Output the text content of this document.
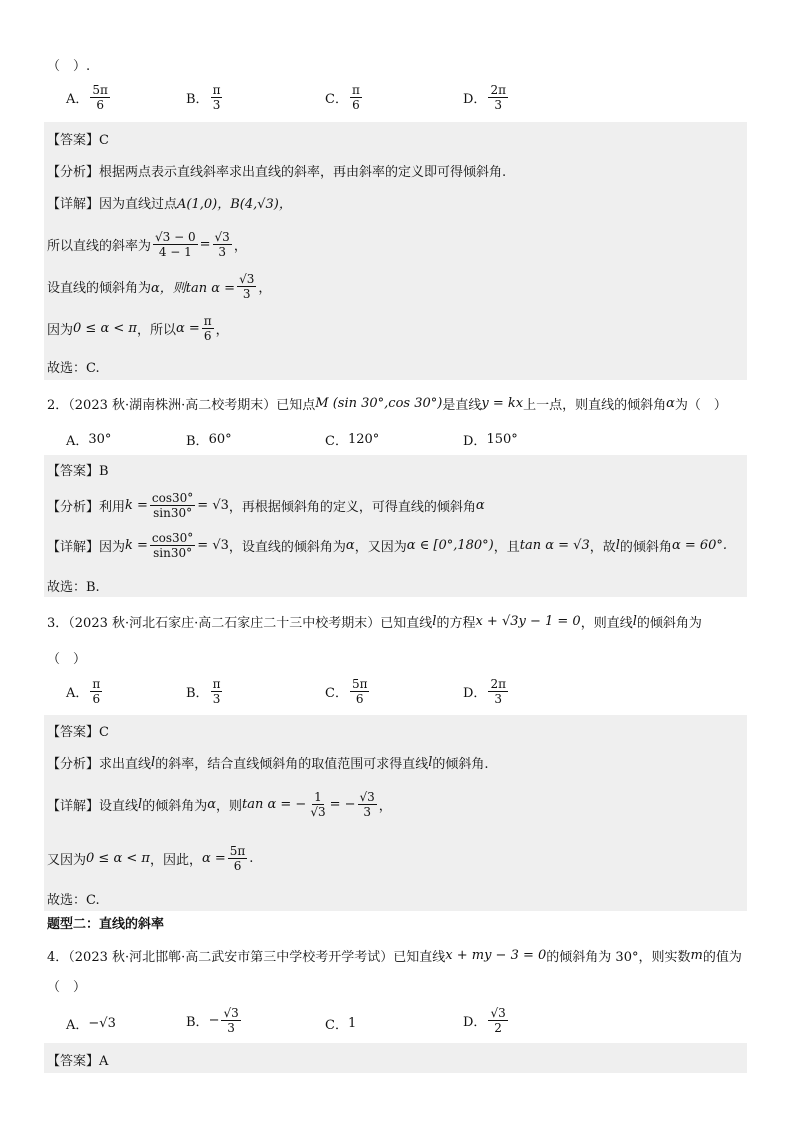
（　）.
A． $\frac{5\pi}{6}$	B． $\frac{\pi}{3}$	C． $\frac{\pi}{6}$	D． $\frac{2\pi}{3}$
【答案】C
【分析】根据两点表示直线斜率求出直线的斜率，再由斜率的定义即可得倾斜角.
【详解】因为直线过点 A(1,0)，B(4,√3)，
所以直线的斜率为 $\frac{√3 - 0}{4 - 1} = \frac{√3}{3}$ ，
设直线的倾斜角为 α，则$\tan \alpha = \frac{√3}{3}$ ，
因为 0 ≤ α < π ，所以 $\alpha = \frac{\pi}{6}$ ，
故选：C.
2．（2023 秋·湖南株洲·高二校考期末）已知点 M (sin 30°,cos 30°) 是直线 y = kx 上一点，则直线的倾斜角 α 为（　）
A． 30°	B． 60°	C． 120°	D． 150°
【答案】B
【分析】利用 $k = \frac{\cos 30^\circ}{\sin 30^\circ} = √3$ ，再根据倾斜角的定义，可得直线的倾斜角 α
【详解】因为 $k = \frac{\cos 30^\circ}{\sin 30^\circ} = √3$ ，设直线的倾斜角为 α ，又因为 α ∈ [0°,180°) ，且 tan α = √3 ，故 l 的倾斜角 α = 60°.
故选：B.
3．（2023 秋·河北石家庄·高二石家庄二十三中校考期末）已知直线 l 的方程 x + √3y − 1 = 0 ，则直线 l 的倾斜角为
（　）
A． $\frac{\pi}{6}$	B． $\frac{\pi}{3}$	C． $\frac{5\pi}{6}$	D． $\frac{2\pi}{3}$
【答案】C
【分析】求出直线 l 的斜率，结合直线倾斜角的取值范围可求得直线 l 的倾斜角.
【详解】设直线 l 的倾斜角为 α ，则 tan α = − $\frac{1}{√3}$ = − $\frac{√3}{3}$ ，
又因为 0 ≤ α < π ，因此， $\alpha = \frac{5\pi}{6}$ .
故选：C.
题型二：直线的斜率
4．（2023 秋·河北邯郸·高二武安市第三中学校考开学考试）已知直线 x + my − 3 = 0 的倾斜角为 30°，则实数 m 的值为
（　）
A． −√3	B． − $\frac{√3}{3}$	C． 1	D． $\frac{√3}{2}$
【答案】A
